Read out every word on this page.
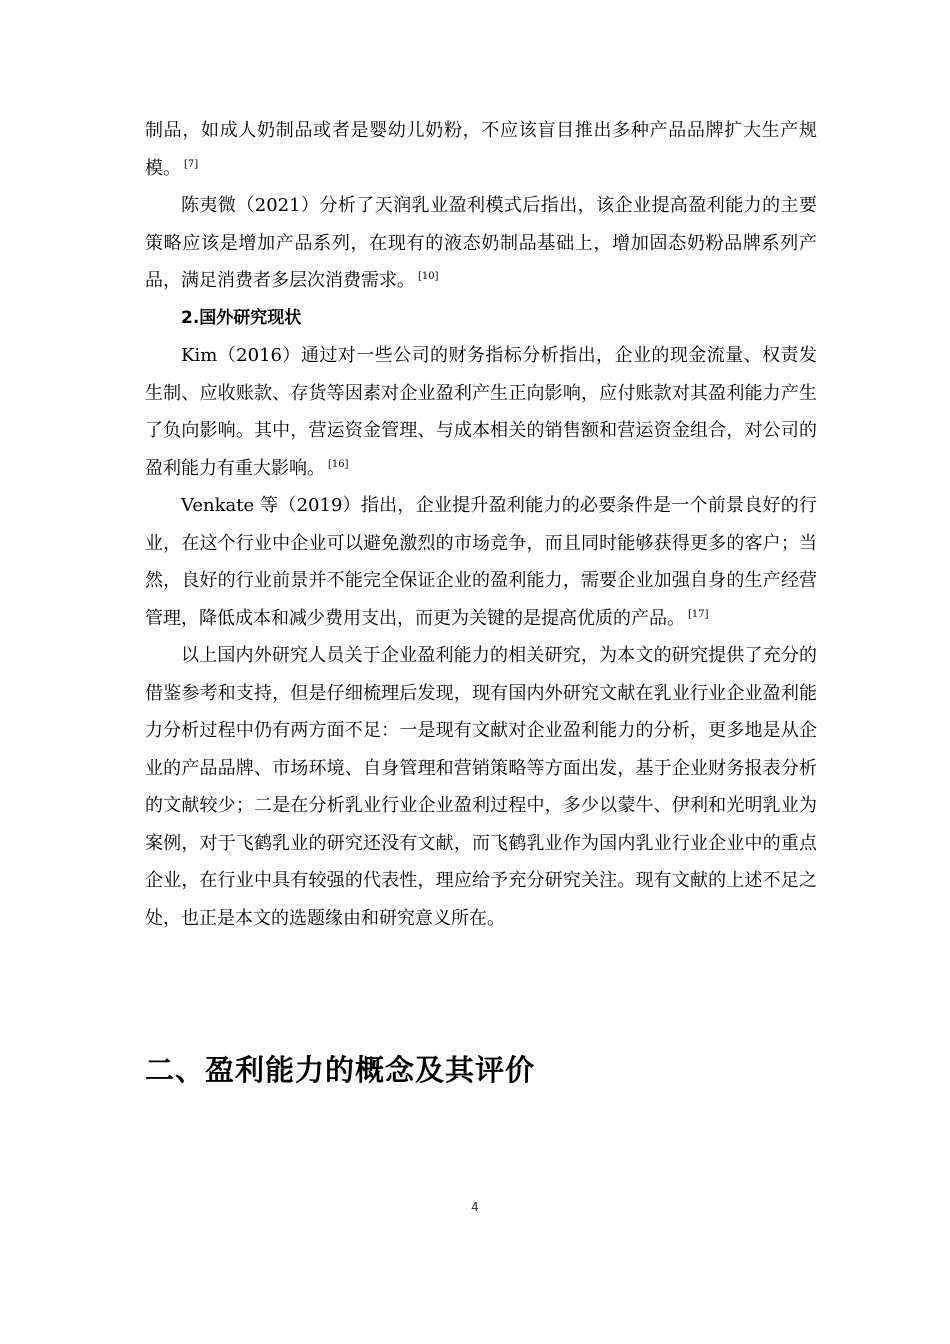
制品，如成人奶制品或者是婴幼儿奶粉，不应该盲目推出多种产品品牌扩大生产规模。 [7]

陈夷微（2021）分析了天润乳业盈利模式后指出，该企业提高盈利能力的主要策略应该是增加产品系列，在现有的液态奶制品基础上，增加固态奶粉品牌系列产品，满足消费者多层次消费需求。 [10]

2.国外研究现状

Kim（2016）通过对一些公司的财务指标分析指出，企业的现金流量、权责发生制、应收账款、存货等因素对企业盈利产生正向影响，应付账款对其盈利能力产生了负向影响。其中，营运资金管理、与成本相关的销售额和营运资金组合，对公司的盈利能力有重大影响。 [16]

Venkate 等（2019）指出，企业提升盈利能力的必要条件是一个前景良好的行业，在这个行业中企业可以避免激烈的市场竞争，而且同时能够获得更多的客户；当然，良好的行业前景并不能完全保证企业的盈利能力，需要企业加强自身的生产经营管理，降低成本和减少费用支出，而更为关键的是提高优质的产品。 [17]

以上国内外研究人员关于企业盈利能力的相关研究，为本文的研究提供了充分的借鉴参考和支持，但是仔细梳理后发现，现有国内外研究文献在乳业行业企业盈利能力分析过程中仍有两方面不足：一是现有文献对企业盈利能力的分析，更多地是从企业的产品品牌、市场环境、自身管理和营销策略等方面出发，基于企业财务报表分析的文献较少；二是在分析乳业行业企业盈利过程中，多少以蒙牛、伊利和光明乳业为案例，对于飞鹤乳业的研究还没有文献，而飞鹤乳业作为国内乳业行业企业中的重点企业，在行业中具有较强的代表性，理应给予充分研究关注。现有文献的上述不足之处，也正是本文的选题缘由和研究意义所在。

二、盈利能力的概念及其评价
4
